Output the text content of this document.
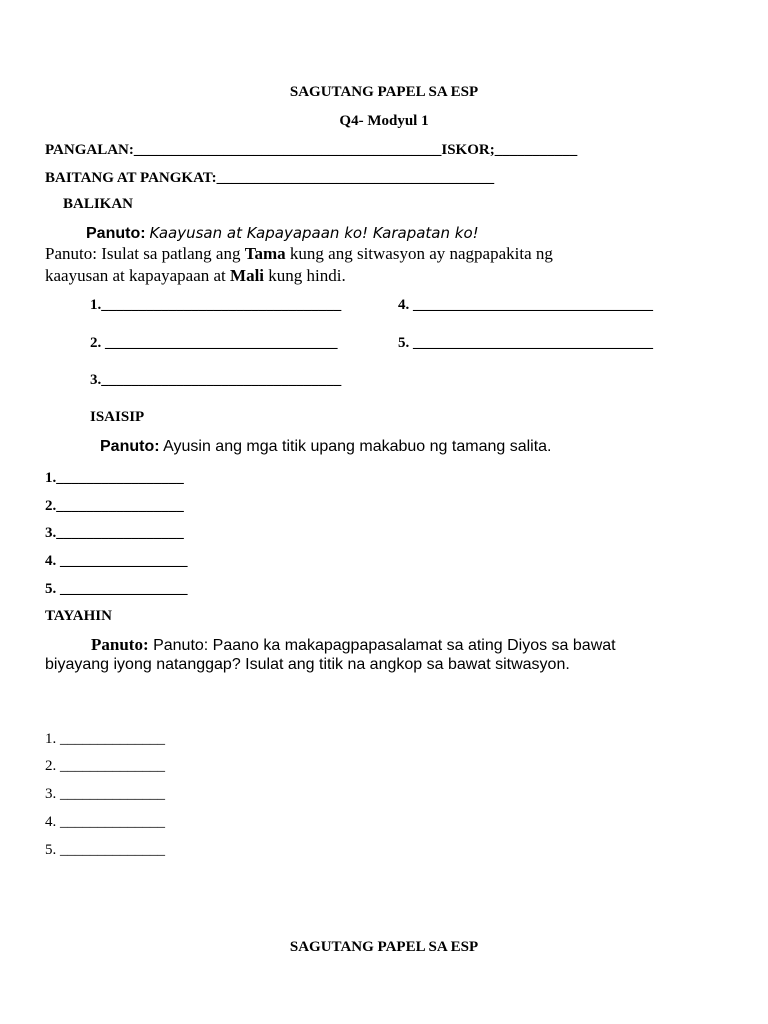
SAGUTANG PAPEL SA ESP
Q4- Modyul 1
PANGALAN:_________________________________________ISKOR;___________
BAITANG AT PANGKAT:_____________________________________
BALIKAN
Panuto: Kaayusan at Kapayapaan ko! Karapatan ko!
Panuto: Isulat sa patlang ang Tama kung ang sitwasyon ay nagpapakita ng
kaayusan at kapayapaan at Mali kung hindi.
1.________________________________	4. ________________________________
2. _______________________________	5. ________________________________
3.________________________________
ISAISIP
Panuto: Ayusin ang mga titik upang makabuo ng tamang salita.
1._________________
2._________________
3._________________
4. _________________
5. _________________
TAYAHIN
Panuto: Panuto: Paano ka makapagpapasalamat sa ating Diyos sa bawat
biyayang iyong natanggap? Isulat ang titik na angkop sa bawat sitwasyon.
1. ______________
2. ______________
3. ______________
4. ______________
5. ______________
SAGUTANG PAPEL SA ESP
